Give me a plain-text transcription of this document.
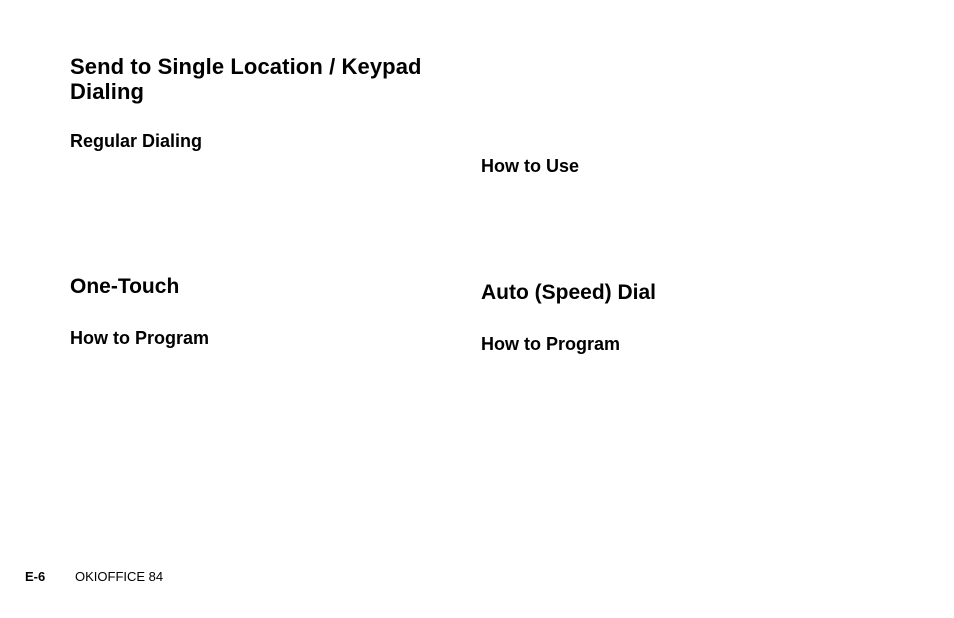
Send to Single Location / Keypad Dialing
Regular Dialing
How to Use
One-Touch
How to Program
Auto (Speed) Dial
How to Program
E-6 OKIOFFICE 84
